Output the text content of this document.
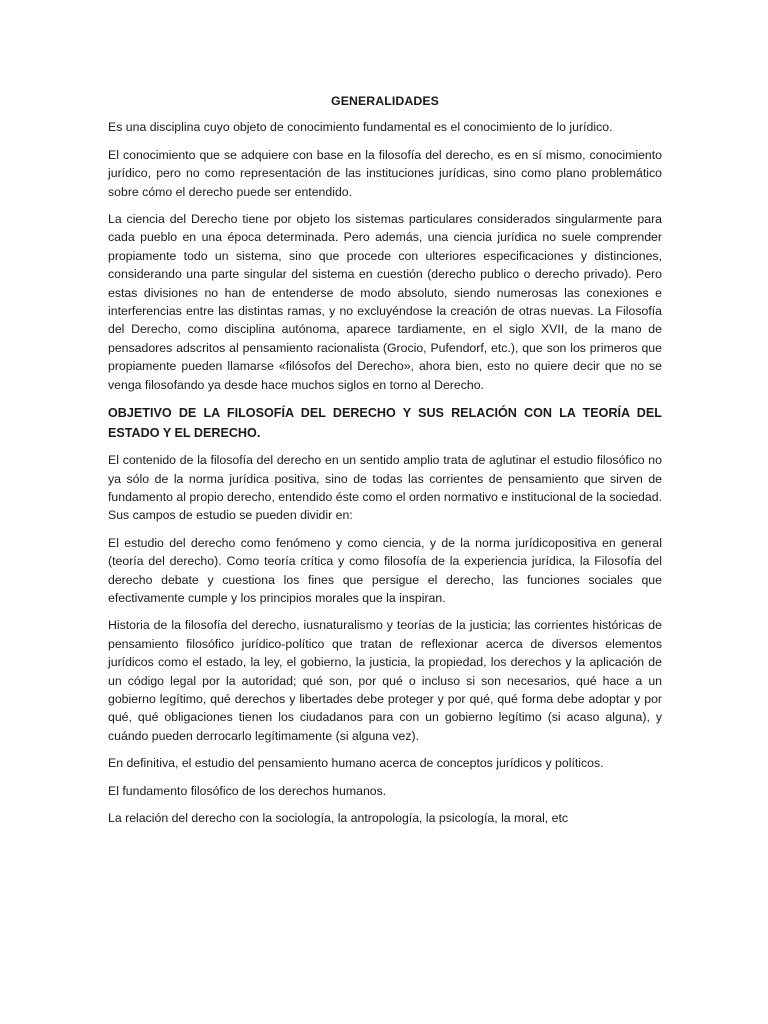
GENERALIDADES

Es una disciplina cuyo objeto de conocimiento fundamental es el conocimiento de lo jurídico.

El conocimiento que se adquiere con base en la filosofía del derecho, es en sí mismo, conocimiento jurídico, pero no como representación de las instituciones jurídicas, sino como plano problemático sobre cómo el derecho puede ser entendido.

La ciencia del Derecho tiene por objeto los sistemas particulares considerados singularmente para cada pueblo en una época determinada. Pero además, una ciencia jurídica no suele comprender propiamente todo un sistema, sino que procede con ulteriores especificaciones y distinciones, considerando una parte singular del sistema en cuestión (derecho publico o derecho privado). Pero estas divisiones no han de entenderse de modo absoluto, siendo numerosas las conexiones e interferencias entre las distintas ramas, y no excluyéndose la creación de otras nuevas. La Filosofía del Derecho, como disciplina autónoma, aparece tardiamente, en el siglo XVII, de la mano de pensadores adscritos al pensamiento racionalista (Grocio, Pufendorf, etc.), que son los primeros que propiamente pueden llamarse «filósofos del Derecho», ahora bien, esto no quiere decir que no se venga filosofando ya desde hace muchos siglos en torno al Derecho.

OBJETIVO DE LA FILOSOFÍA DEL DERECHO Y SUS RELACIÓN CON LA TEORÍA DEL ESTADO Y EL DERECHO.

El contenido de la filosofía del derecho en un sentido amplio trata de aglutinar el estudio filosófico no ya sólo de la norma jurídica positiva, sino de todas las corrientes de pensamiento que sirven de fundamento al propio derecho, entendido éste como el orden normativo e institucional de la sociedad. Sus campos de estudio se pueden dividir en:

El estudio del derecho como fenómeno y como ciencia, y de la norma jurídicopositiva en general (teoría del derecho). Como teoría crítica y como filosofía de la experiencia jurídica, la Filosofía del derecho debate y cuestiona los fines que persigue el derecho, las funciones sociales que efectivamente cumple y los principios morales que la inspiran.

Historia de la filosofía del derecho, iusnaturalismo y teorías de la justicia; las corrientes históricas de pensamiento filosófico jurídico-político que tratan de reflexionar acerca de diversos elementos jurídicos como el estado, la ley, el gobierno, la justicia, la propiedad, los derechos y la aplicación de un código legal por la autoridad; qué son, por qué o incluso si son necesarios, qué hace a un gobierno legítimo, qué derechos y libertades debe proteger y por qué, qué forma debe adoptar y por qué, qué obligaciones tienen los ciudadanos para con un gobierno legítimo (si acaso alguna), y cuándo pueden derrocarlo legítimamente (si alguna vez).

En definitiva, el estudio del pensamiento humano acerca de conceptos jurídicos y políticos.

El fundamento filosófico de los derechos humanos.

La relación del derecho con la sociología, la antropología, la psicología, la moral, etc
